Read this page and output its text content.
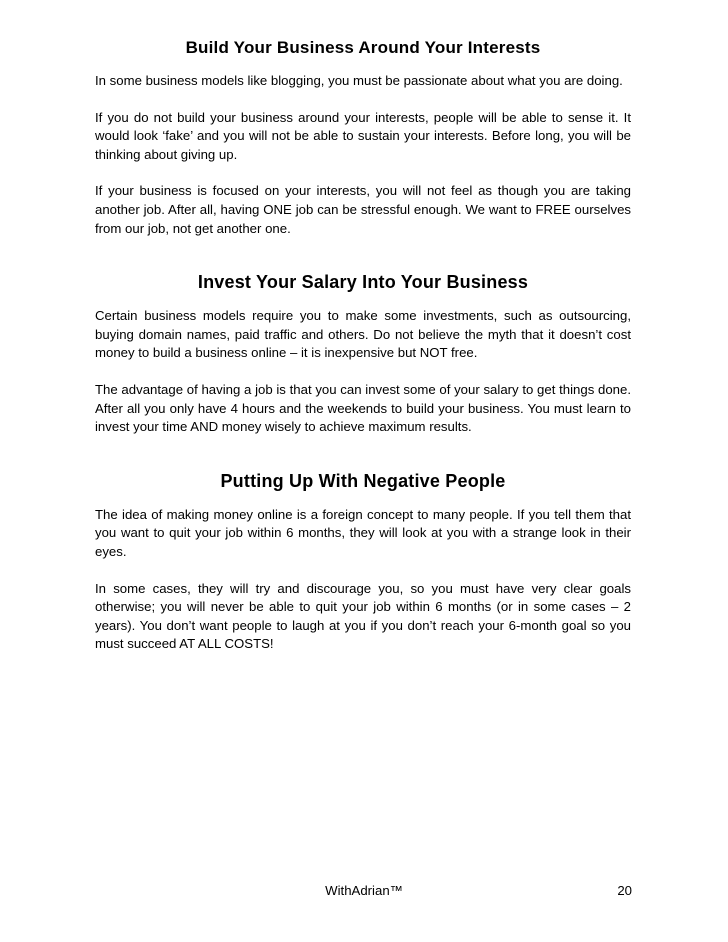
Build Your Business Around Your Interests

In some business models like blogging, you must be passionate about what you are doing.

If you do not build your business around your interests, people will be able to sense it. It would look ‘fake’ and you will not be able to sustain your interests. Before long, you will be thinking about giving up.

If your business is focused on your interests, you will not feel as though you are taking another job. After all, having ONE job can be stressful enough. We want to FREE ourselves from our job, not get another one.

Invest Your Salary Into Your Business

Certain business models require you to make some investments, such as outsourcing, buying domain names, paid traffic and others. Do not believe the myth that it doesn’t cost money to build a business online – it is inexpensive but NOT free.

The advantage of having a job is that you can invest some of your salary to get things done. After all you only have 4 hours and the weekends to build your business. You must learn to invest your time AND money wisely to achieve maximum results.

Putting Up With Negative People

The idea of making money online is a foreign concept to many people. If you tell them that you want to quit your job within 6 months, they will look at you with a strange look in their eyes.

In some cases, they will try and discourage you, so you must have very clear goals otherwise; you will never be able to quit your job within 6 months (or in some cases – 2 years). You don’t want people to laugh at you if you don’t reach your 6-month goal so you must succeed AT ALL COSTS!

WithAdrian™	20
